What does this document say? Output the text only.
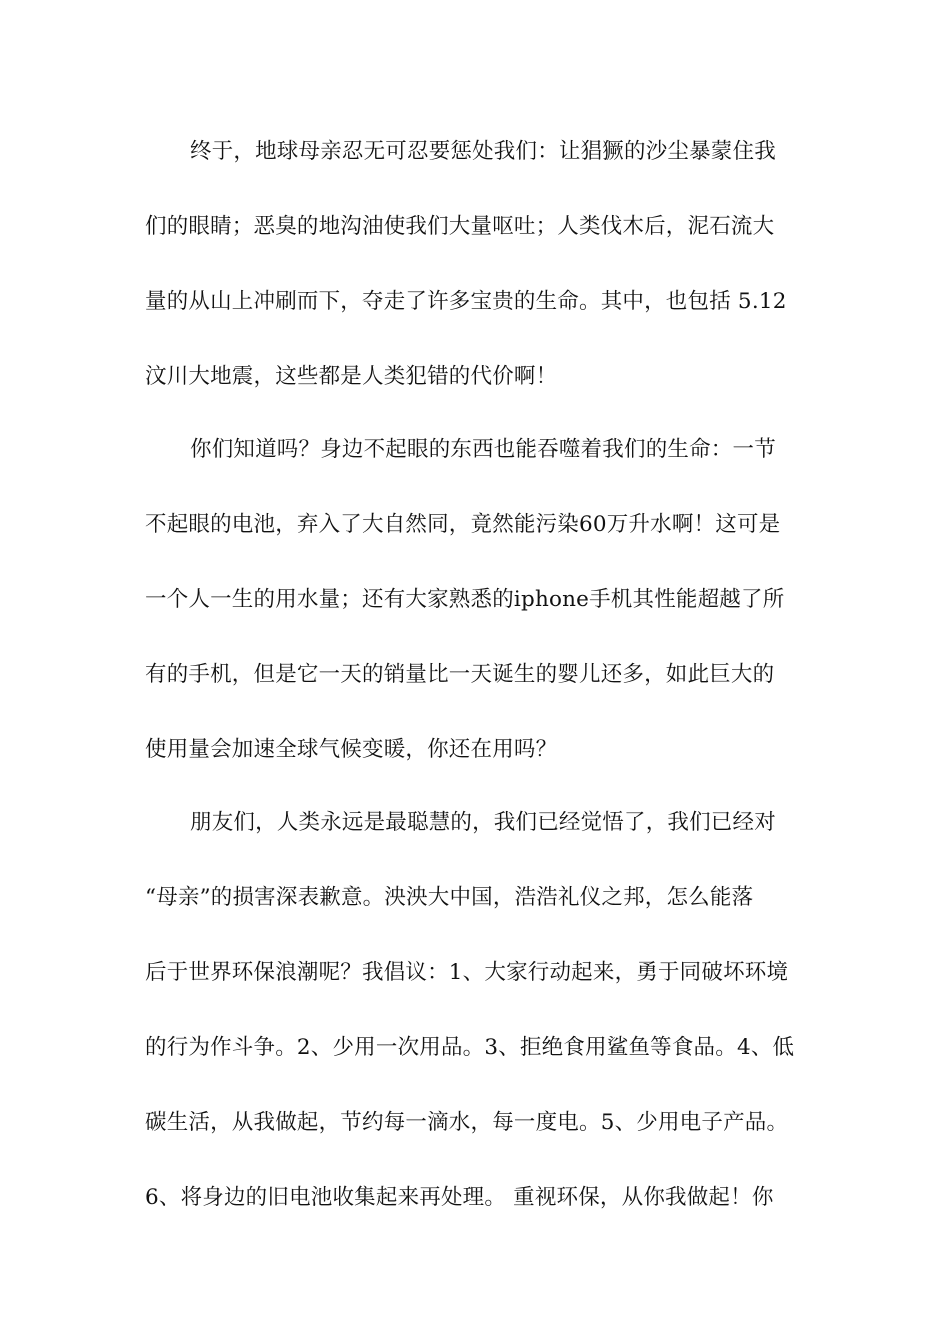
终于，地球母亲忍无可忍要惩处我们：让猖獗的沙尘暴蒙住我
们的眼睛；恶臭的地沟油使我们大量呕吐；人类伐木后，泥石流大
量的从山上冲刷而下，夺走了许多宝贵的生命。其中，也包括 5.12
汶川大地震，这些都是人类犯错的代价啊！
你们知道吗？身边不起眼的东西也能吞噬着我们的生命：一节
不起眼的电池，弃入了大自然同，竟然能污染60万升水啊！这可是
一个人一生的用水量；还有大家熟悉的iphone手机其性能超越了所
有的手机，但是它一天的销量比一天诞生的婴儿还多，如此巨大的
使用量会加速全球气候变暖，你还在用吗？
朋友们，人类永远是最聪慧的，我们已经觉悟了，我们已经对
“母亲”的损害深表歉意。泱泱大中国，浩浩礼仪之邦，怎么能落
后于世界环保浪潮呢？我倡议：1、大家行动起来，勇于同破坏环境
的行为作斗争。2、少用一次用品。3、拒绝食用鲨鱼等食品。4、低
碳生活，从我做起，节约每一滴水，每一度电。5、少用电子产品。
6、将身边的旧电池收集起来再处理。 重视环保，从你我做起！你
